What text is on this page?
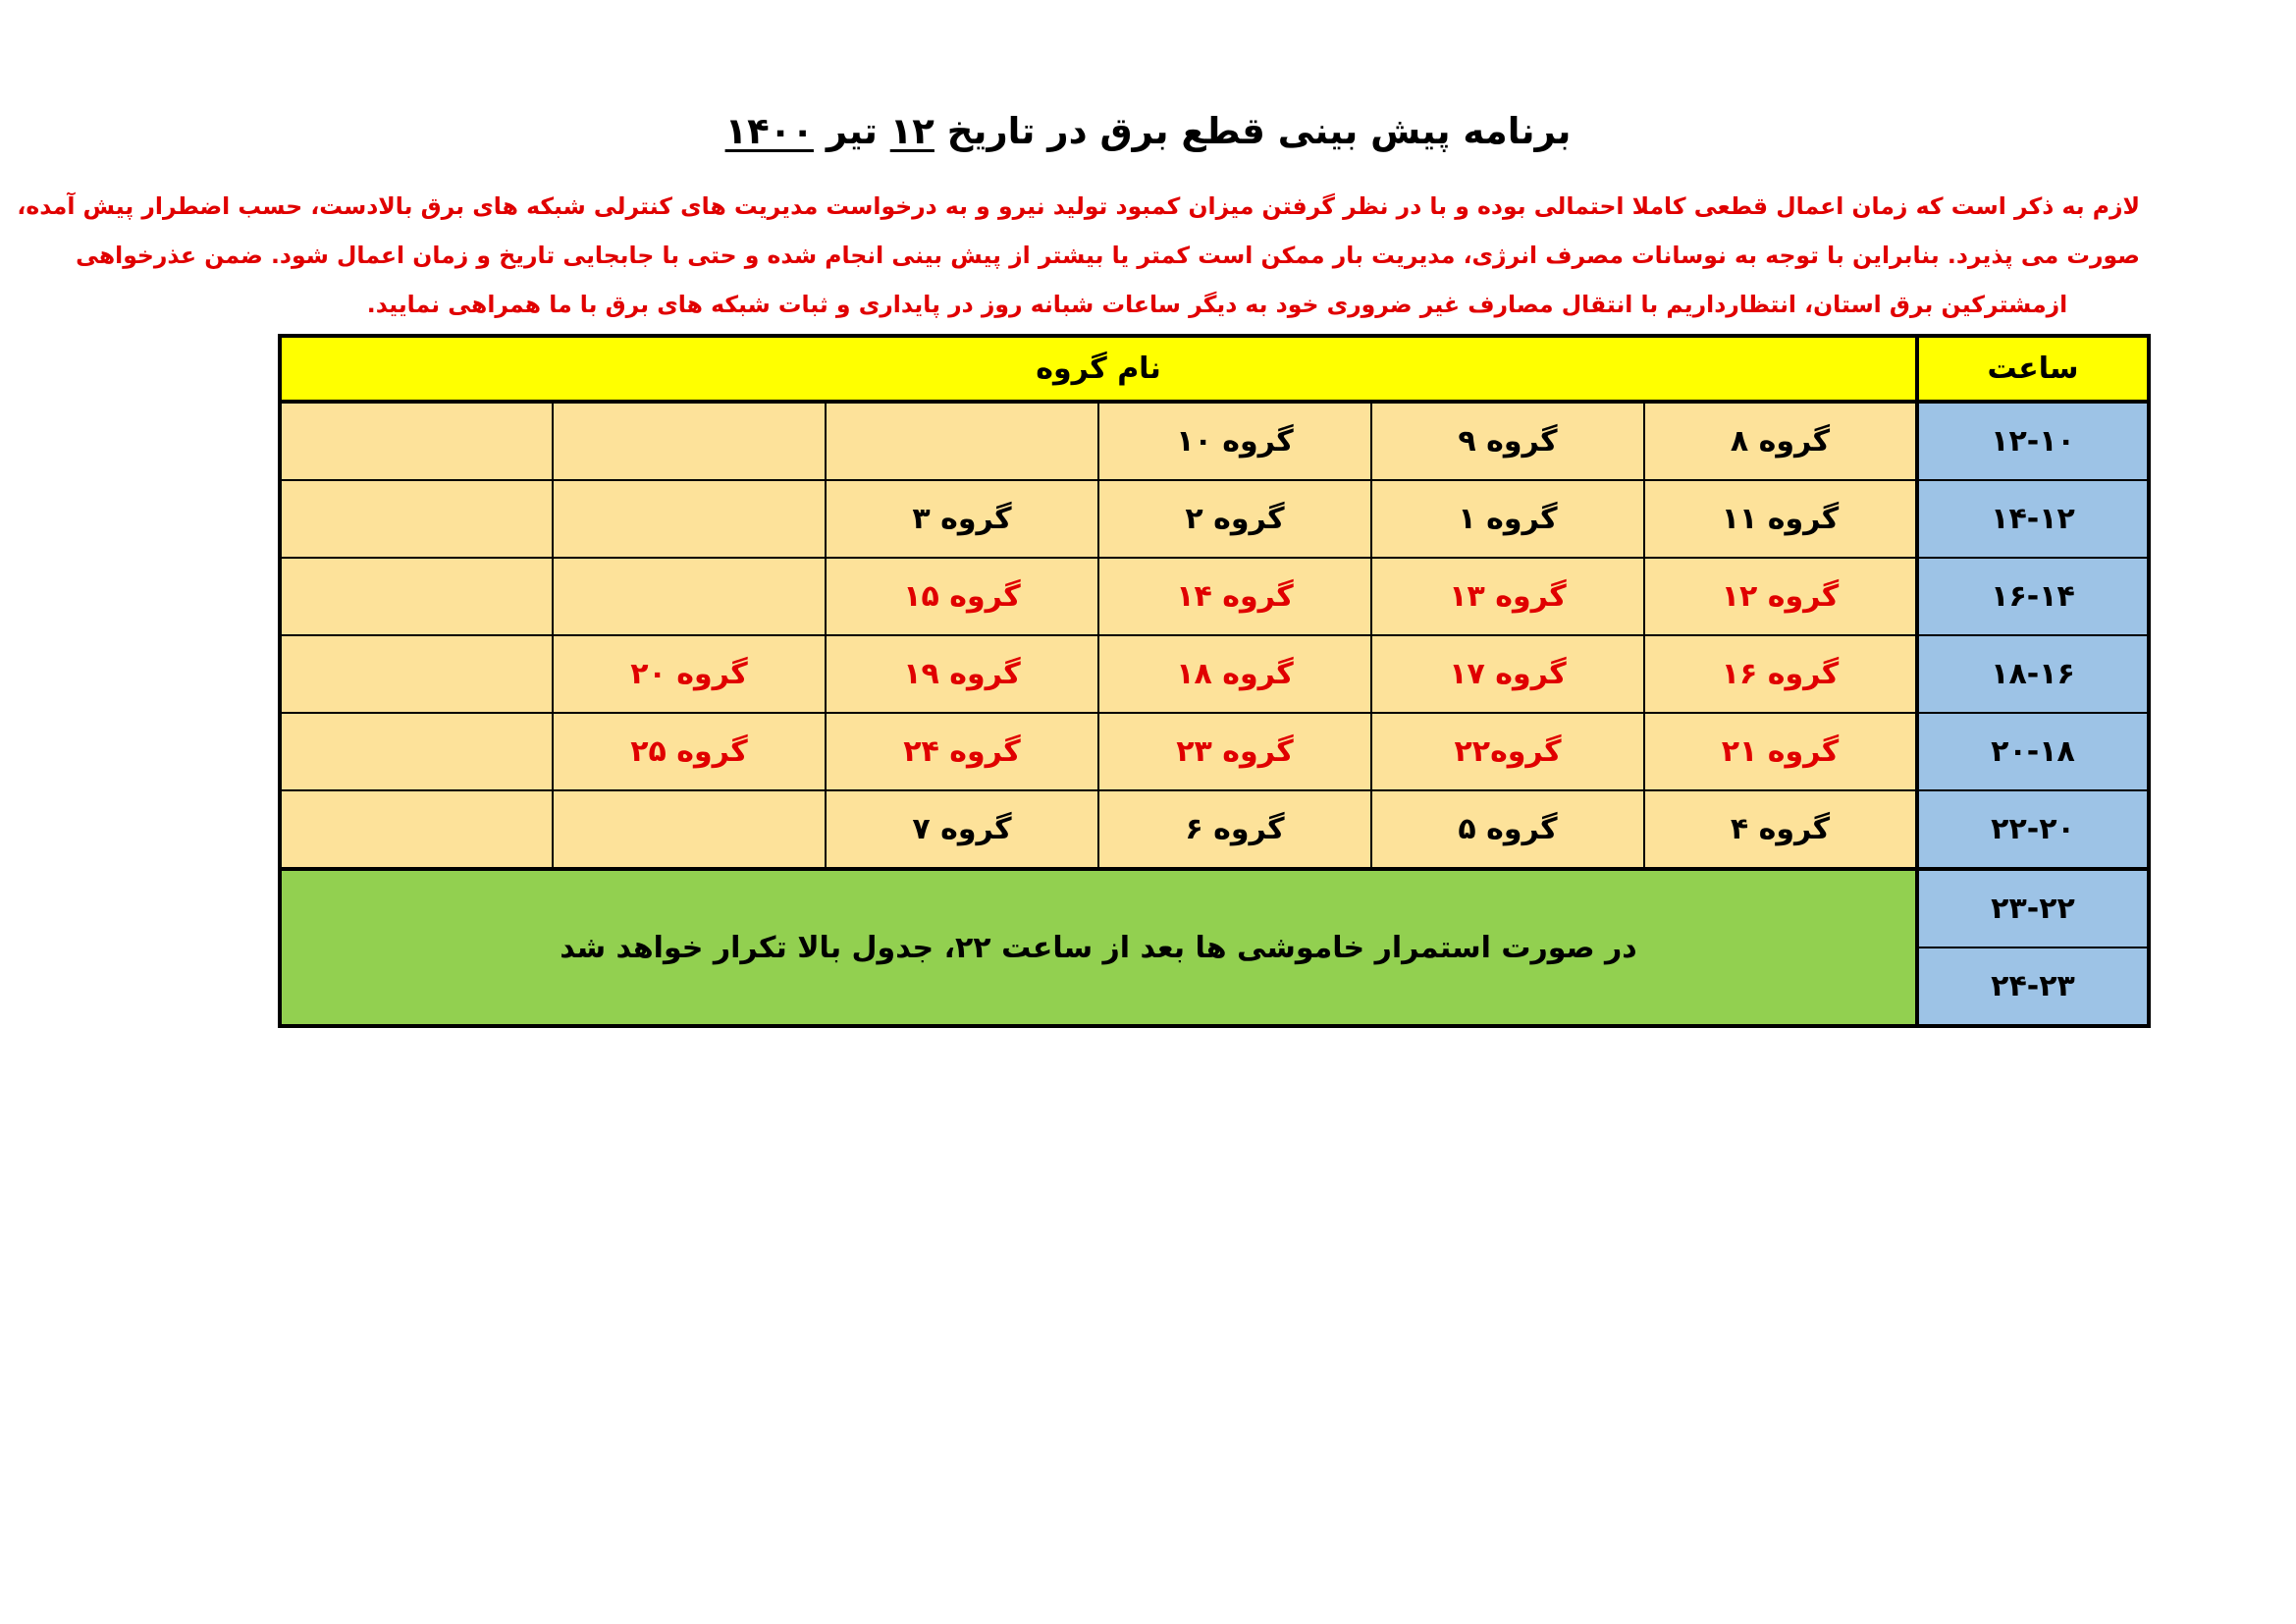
برنامه پیش بینی قطع برق در تاریخ ۱۲ تیر ۱۴۰۰
لازم به ذکر است که زمان اعمال قطعی کاملا احتمالی بوده و با در نظر گرفتن میزان کمبود تولید نیرو و به درخواست مدیریت های کنترلی شبکه های برق بالادست، حسب اضطرار پیش آمده،
صورت می پذیرد. بنابراین با توجه به نوسانات مصرف انرژی، مدیریت بار ممکن است کمتر یا بیشتر از پیش بینی انجام شده و حتی با جابجایی تاریخ و زمان اعمال شود. ضمن عذرخواهی
ازمشترکین برق استان، انتظارداریم با انتقال مصارف غیر ضروری خود به دیگر ساعات شبانه روز در پایداری و ثبات شبکه های برق با ما همراهی نمایید.
ساعت	نام گروه					
۱۲-۱۰	گروه ۸	گروه ۹	گروه ۱۰			
۱۴-۱۲	گروه ۱۱	گروه ۱	گروه ۲	گروه ۳		
۱۶-۱۴	گروه ۱۲	گروه ۱۳	گروه ۱۴	گروه ۱۵		
۱۸-۱۶	گروه ۱۶	گروه ۱۷	گروه ۱۸	گروه ۱۹	گروه ۲۰	
۲۰-۱۸	گروه ۲۱	گروه۲۲	گروه ۲۳	گروه ۲۴	گروه ۲۵	
۲۲-۲۰	گروه ۴	گروه ۵	گروه ۶	گروه ۷		
۲۳-۲۲	در صورت استمرار خاموشی ها بعد از ساعت ۲۲، جدول بالا تکرار خواهد شد					
۲۴-۲۳						
